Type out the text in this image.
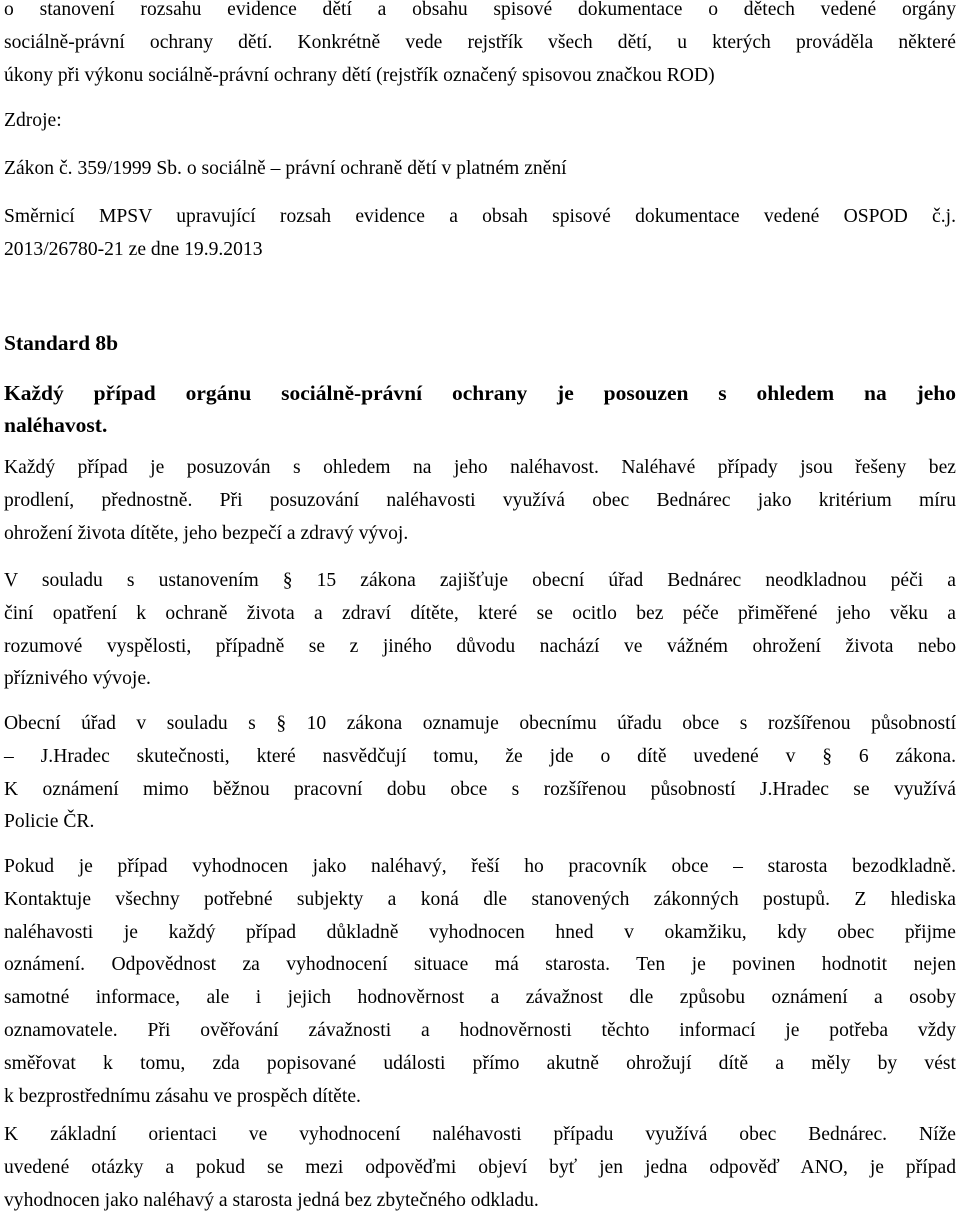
o stanovení rozsahu evidence dětí a obsahu spisové dokumentace o dětech vedené orgány
sociálně-právní ochrany dětí. Konkrétně vede rejstřík všech dětí, u kterých prováděla některé
úkony při výkonu sociálně-právní ochrany dětí (rejstřík označený spisovou značkou ROD)
Zdroje:
Zákon č. 359/1999 Sb. o sociálně – právní ochraně dětí v platném znění
Směrnicí MPSV upravující rozsah evidence a obsah spisové dokumentace vedené OSPOD č.j.
2013/26780-21 ze dne 19.9.2013
Standard 8b
Každý případ orgánu sociálně-právní ochrany je posouzen s ohledem na jeho
naléhavost.
Každý případ je posuzován s ohledem na jeho naléhavost. Naléhavé případy jsou řešeny bez
prodlení, přednostně. Při posuzování naléhavosti využívá obec Bednárec jako kritérium míru
ohrožení života dítěte, jeho bezpečí a zdravý vývoj.
V souladu s ustanovením § 15 zákona zajišťuje obecní úřad Bednárec neodkladnou péči a
činí opatření k ochraně života a zdraví dítěte, které se ocitlo bez péče přiměřené jeho věku a
rozumové vyspělosti, případně se z jiného důvodu nachází ve vážném ohrožení života nebo
příznivého vývoje.
Obecní úřad v souladu s § 10 zákona oznamuje obecnímu úřadu obce s rozšířenou působností
– J.Hradec skutečnosti, které nasvědčují tomu, že jde o dítě uvedené v § 6 zákona.
K oznámení mimo běžnou pracovní dobu obce s rozšířenou působností J.Hradec se využívá
Policie ČR.
Pokud je případ vyhodnocen jako naléhavý, řeší ho pracovník obce – starosta bezodkladně.
Kontaktuje všechny potřebné subjekty a koná dle stanovených zákonných postupů. Z hlediska
naléhavosti je každý případ důkladně vyhodnocen hned v okamžiku, kdy obec přijme
oznámení. Odpovědnost za vyhodnocení situace má starosta. Ten je povinen hodnotit nejen
samotné informace, ale i jejich hodnověrnost a závažnost dle způsobu oznámení a osoby
oznamovatele. Při ověřování závažnosti a hodnověrnosti těchto informací je potřeba vždy
směřovat k tomu, zda popisované události přímo akutně ohrožují dítě a měly by vést
k bezprostřednímu zásahu ve prospěch dítěte.
K základní orientaci ve vyhodnocení naléhavosti případu využívá obec Bednárec. Níže
uvedené otázky a pokud se mezi odpověďmi objeví byť jen jedna odpověď ANO, je případ
vyhodnocen jako naléhavý a starosta jedná bez zbytečného odkladu.
